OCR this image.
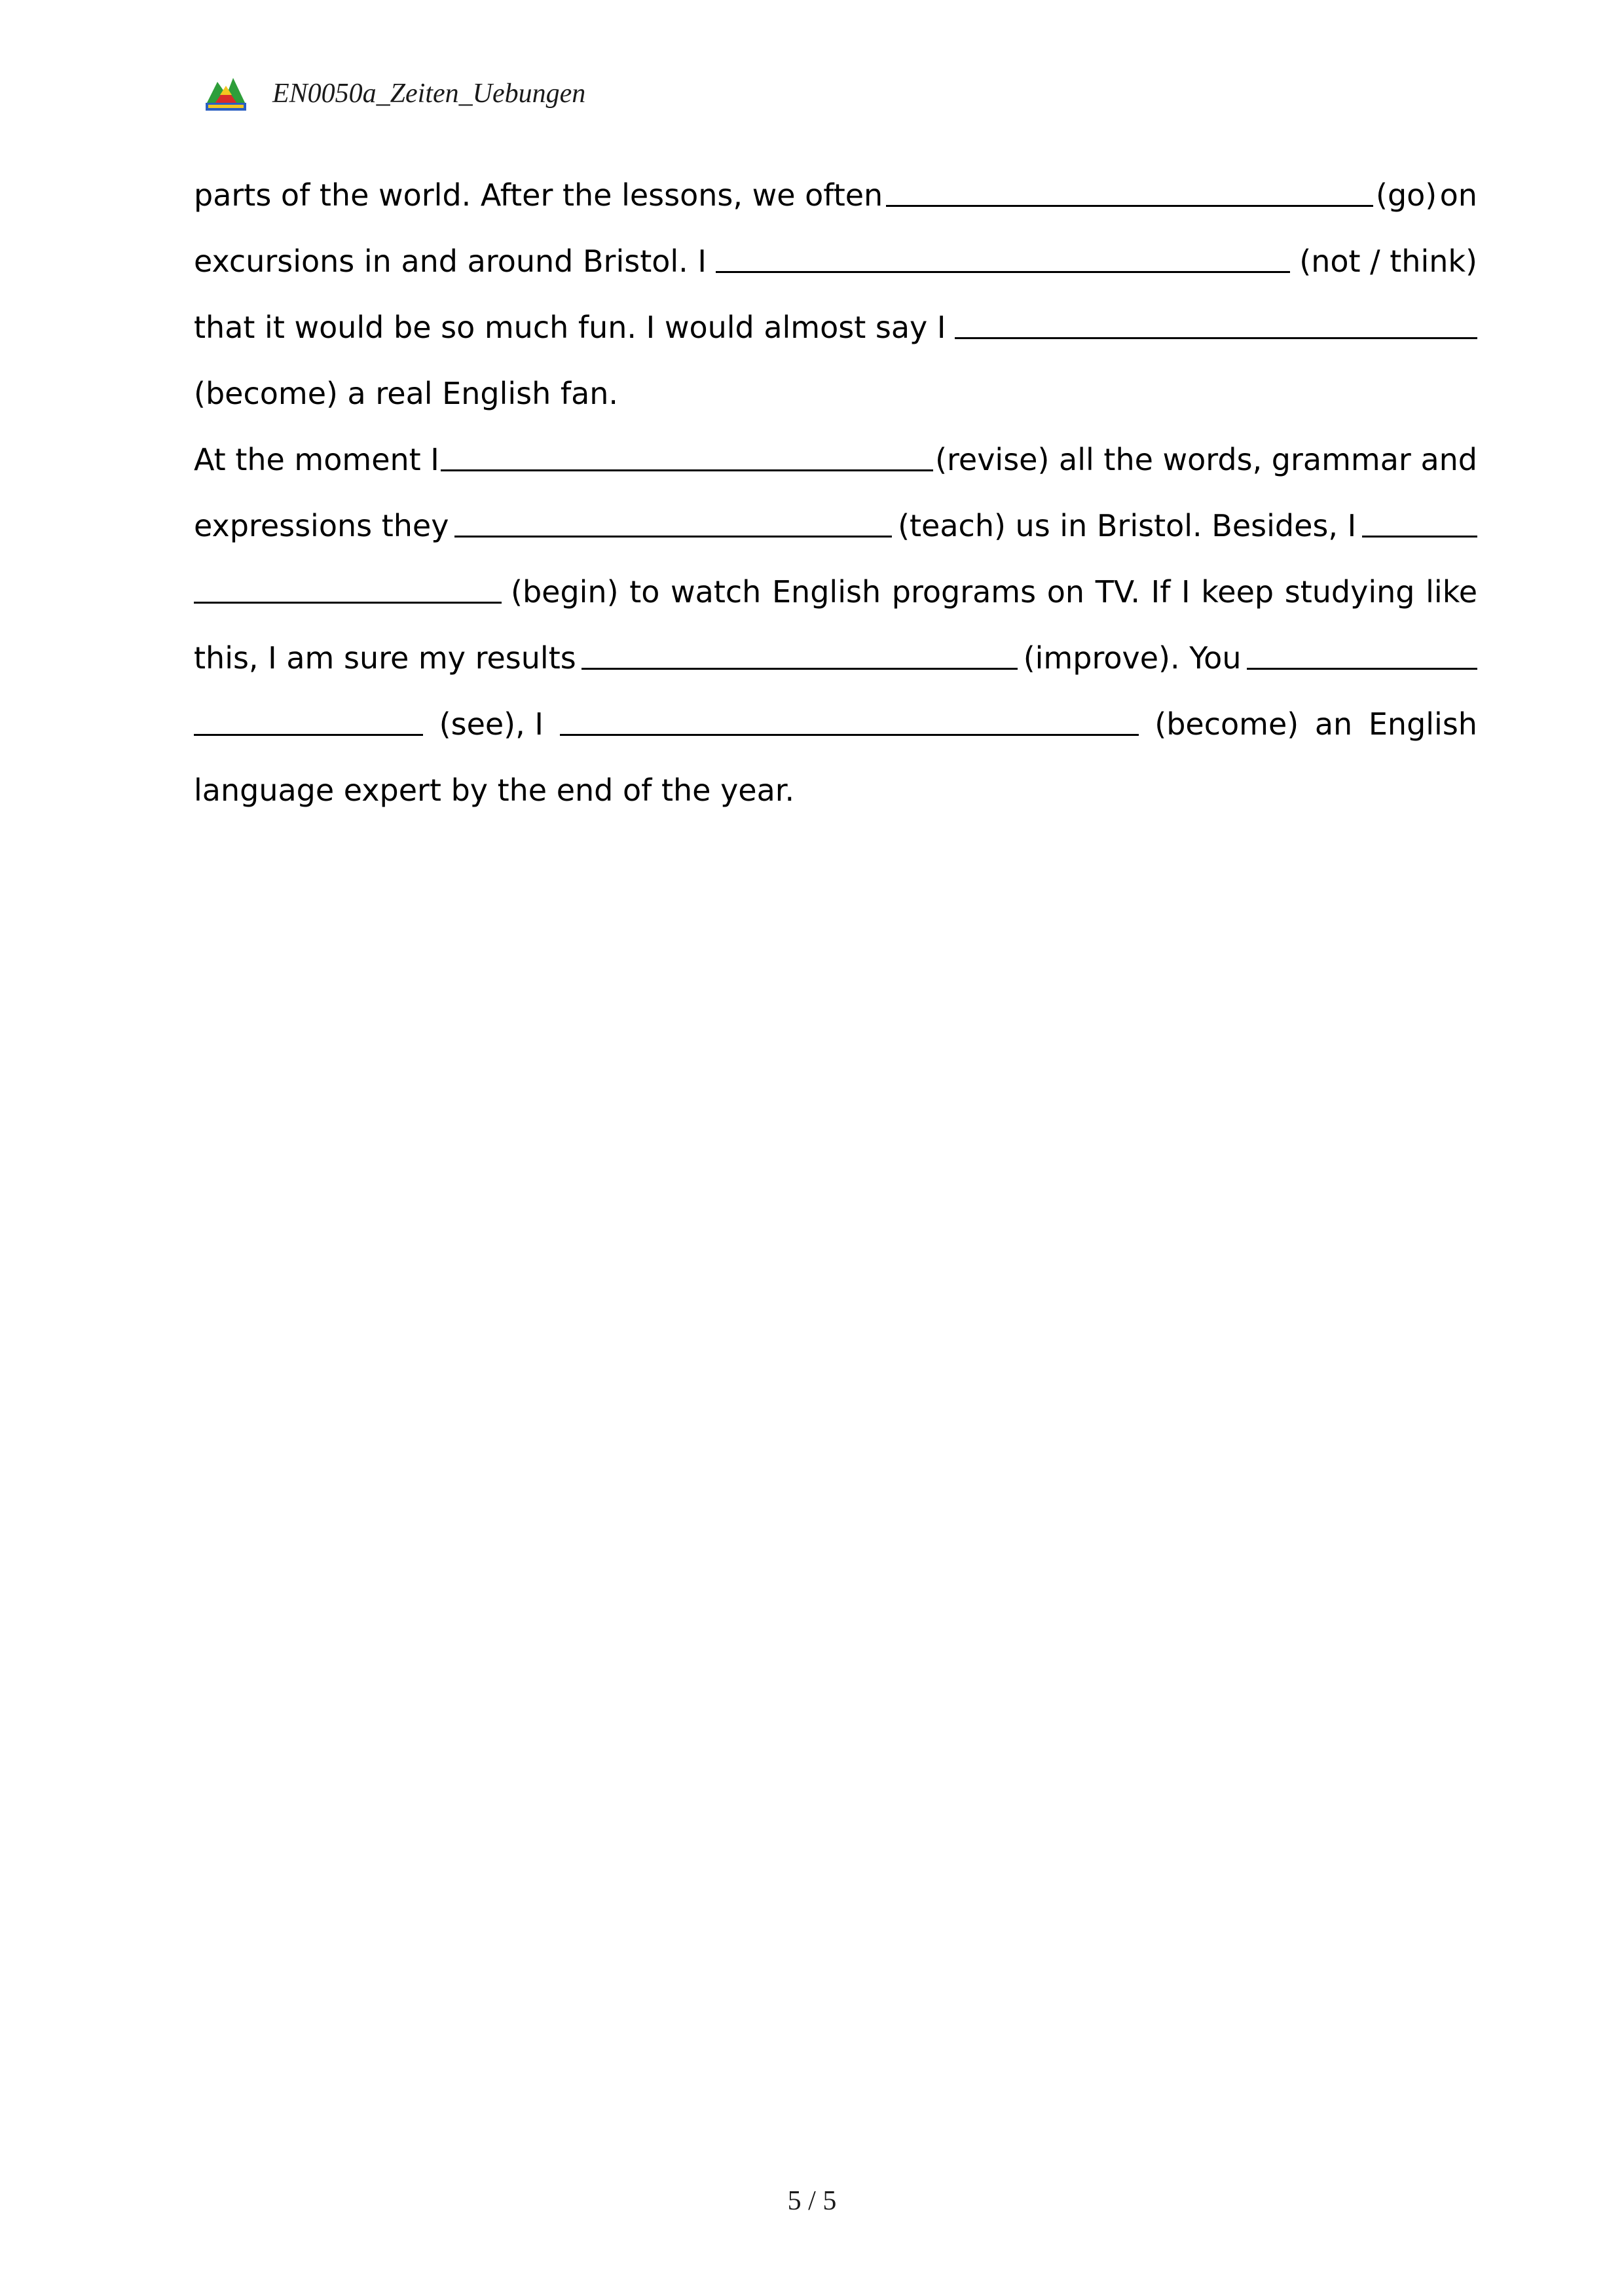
EN0050a_Zeiten_Uebungen
parts of the world. After the lessons, we often	(go) on
excursions in and around Bristol. I	(not / think)
that it would be so much fun. I would almost say I
(become) a real English fan.
At the moment I	(revise) all the words, grammar and
expressions they	(teach) us in Bristol. Besides, I
(begin) to watch English programs on TV. If I keep studying like
this, I am sure my results	(improve). You
(see), I	(become) an English
language expert by the end of the year.
5 / 5
